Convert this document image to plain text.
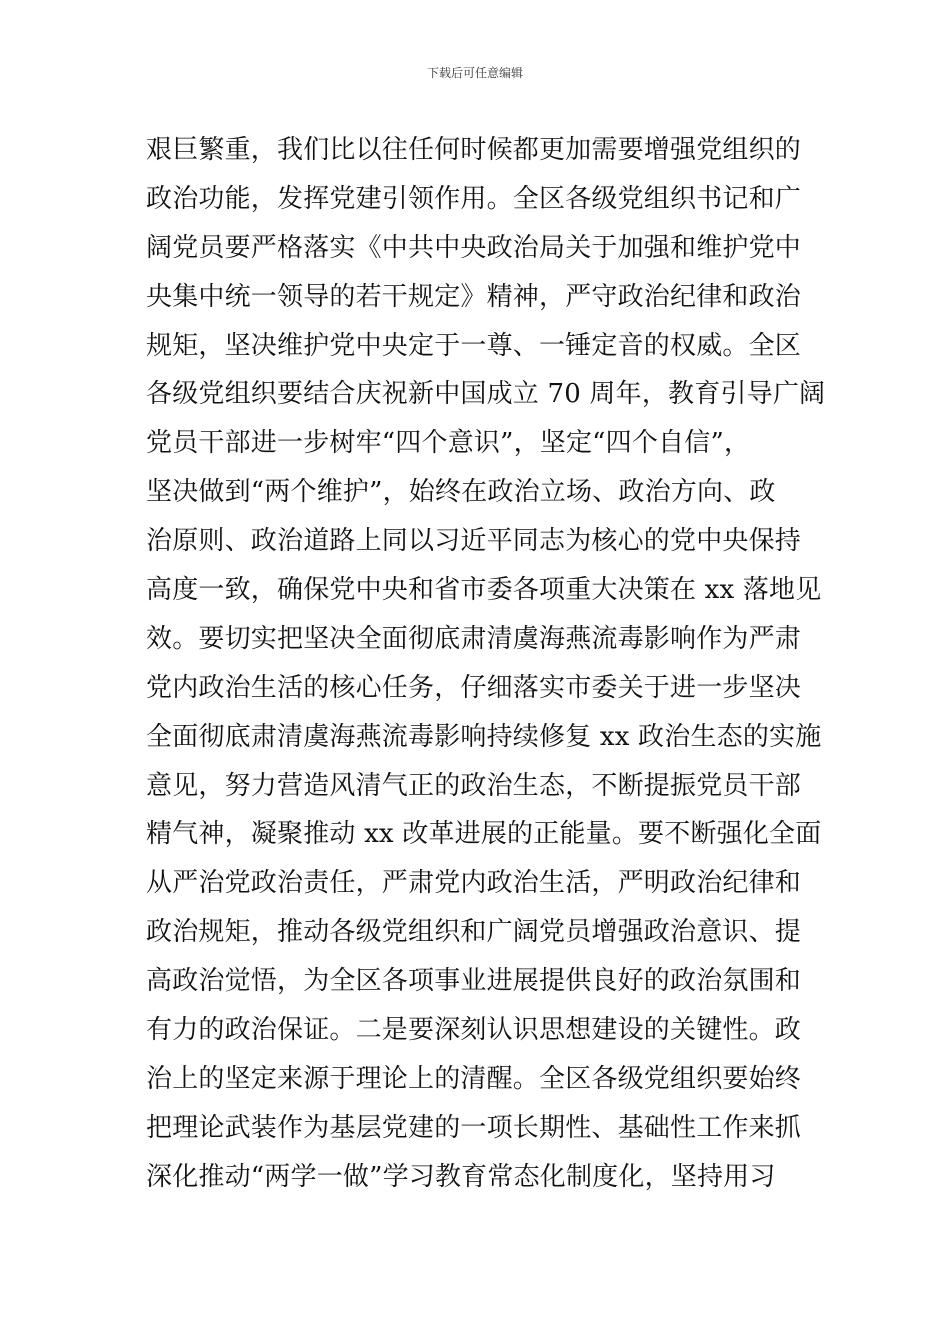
下载后可任意编辑
艰巨繁重，我们比以往任何时候都更加需要增强党组织的
政治功能，发挥党建引领作用。全区各级党组织书记和广
阔党员要严格落实《中共中央政治局关于加强和维护党中
央集中统一领导的若干规定》精神，严守政治纪律和政治
规矩，坚决维护党中央定于一尊、一锤定音的权威。全区
各级党组织要结合庆祝新中国成立 70 周年，教育引导广阔
党员干部进一步树牢“四个意识”，坚定“四个自信”，
坚决做到“两个维护”，始终在政治立场、政治方向、政
治原则、政治道路上同以习近平同志为核心的党中央保持
高度一致，确保党中央和省市委各项重大决策在 xx 落地见
效。要切实把坚决全面彻底肃清虞海燕流毒影响作为严肃
党内政治生活的核心任务，仔细落实市委关于进一步坚决
全面彻底肃清虞海燕流毒影响持续修复 xx 政治生态的实施
意见，努力营造风清气正的政治生态，不断提振党员干部
精气神，凝聚推动 xx 改革进展的正能量。要不断强化全面
从严治党政治责任，严肃党内政治生活，严明政治纪律和
政治规矩，推动各级党组织和广阔党员增强政治意识、提
高政治觉悟，为全区各项事业进展提供良好的政治氛围和
有力的政治保证。二是要深刻认识思想建设的关键性。政
治上的坚定来源于理论上的清醒。全区各级党组织要始终
把理论武装作为基层党建的一项长期性、基础性工作来抓
深化推动“两学一做”学习教育常态化制度化，坚持用习
